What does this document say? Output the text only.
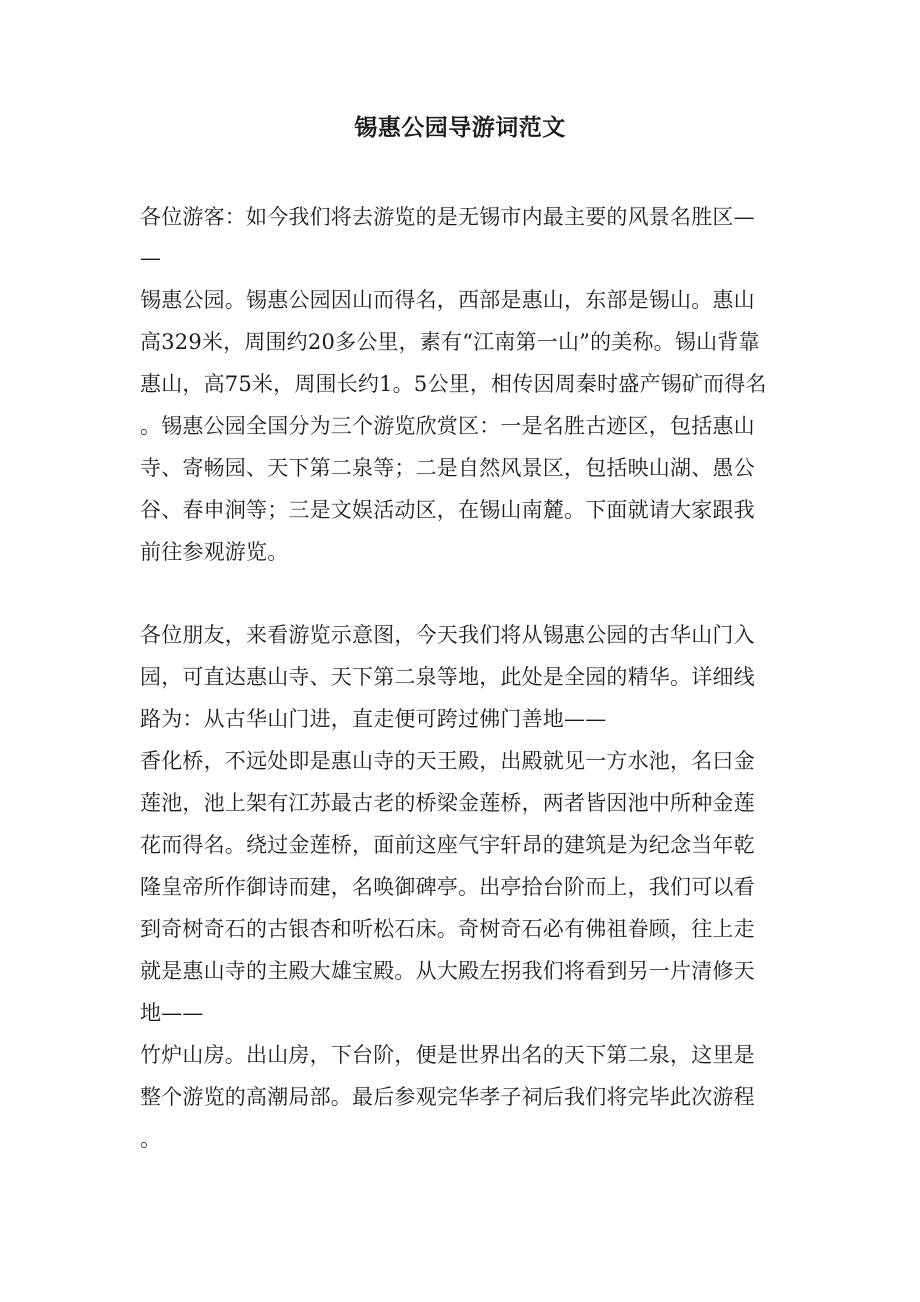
锡惠公园导游词范文
各位游客：如今我们将去游览的是无锡市内最主要的风景名胜区—
—
锡惠公园。锡惠公园因山而得名，西部是惠山，东部是锡山。惠山
高329米，周围约20多公里，素有“江南第一山”的美称。锡山背靠
惠山，高75米，周围长约1。5公里，相传因周秦时盛产锡矿而得名
。锡惠公园全国分为三个游览欣赏区：一是名胜古迹区，包括惠山
寺、寄畅园、天下第二泉等；二是自然风景区，包括映山湖、愚公
谷、春申涧等；三是文娱活动区，在锡山南麓。下面就请大家跟我
前往参观游览。
各位朋友，来看游览示意图，今天我们将从锡惠公园的古华山门入
园，可直达惠山寺、天下第二泉等地，此处是全园的精华。详细线
路为：从古华山门进，直走便可跨过佛门善地——
香化桥，不远处即是惠山寺的天王殿，出殿就见一方水池，名曰金
莲池，池上架有江苏最古老的桥梁金莲桥，两者皆因池中所种金莲
花而得名。绕过金莲桥，面前这座气宇轩昂的建筑是为纪念当年乾
隆皇帝所作御诗而建，名唤御碑亭。出亭拾台阶而上，我们可以看
到奇树奇石的古银杏和听松石床。奇树奇石必有佛祖眷顾，往上走
就是惠山寺的主殿大雄宝殿。从大殿左拐我们将看到另一片清修天
地——
竹炉山房。出山房，下台阶，便是世界出名的天下第二泉，这里是
整个游览的高潮局部。最后参观完华孝子祠后我们将完毕此次游程
。
